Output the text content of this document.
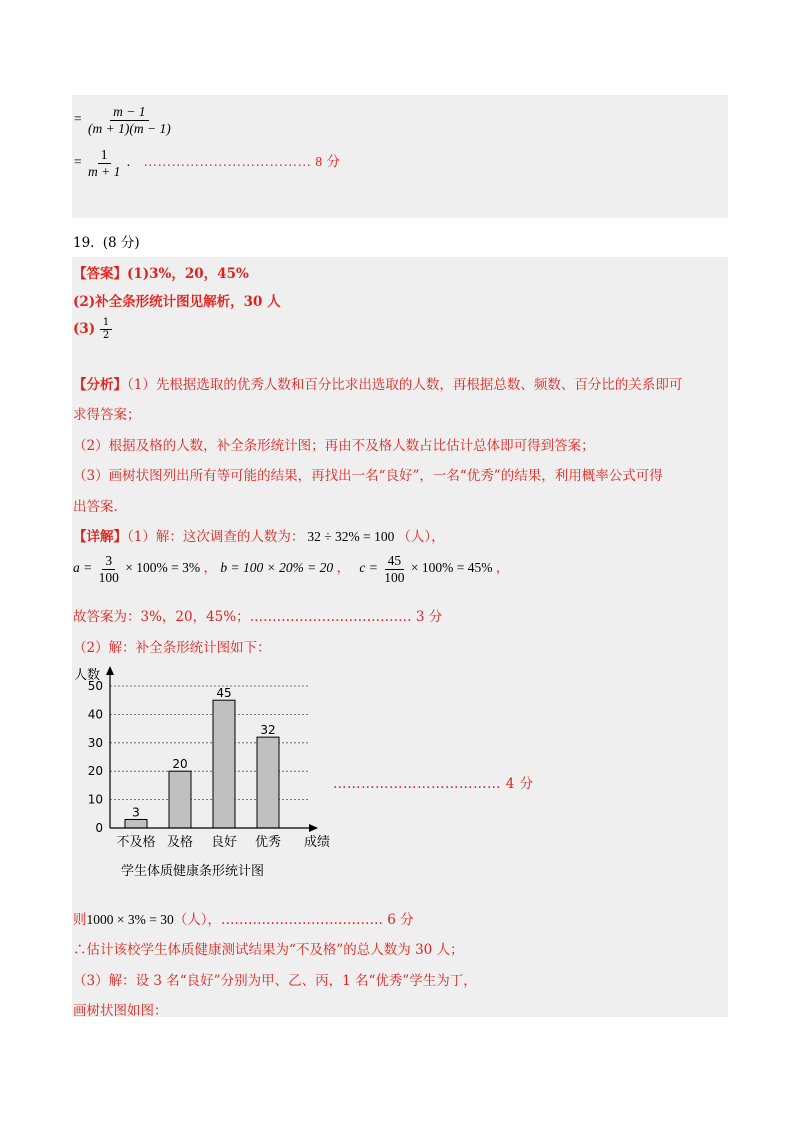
= $\frac{m - 1}{(m + 1)(m - 1)}$
= $\frac{1}{m + 1}$ . ……………………………… 8 分
19. (8 分)
【答案】(1)3%，20，45%
(2)补全条形统计图见解析，30 人
$(3) \frac{1}{2}$
【分析】（1）先根据选取的优秀人数和百分比求出选取的人数，再根据总数、频数、百分比的关系即可
求得答案；
（2）根据及格的人数，补全条形统计图；再由不及格人数占比估计总体即可得到答案；
（3）画树状图列出所有等可能的结果，再找出一名“良好”，一名“优秀”的结果，利用概率公式可得
出答案.
【详解】（1）解：这次调查的人数为： 32 ÷ 32% = 100 （人），
$a = \frac{3}{100} \times 100\% = 3\%$ ， b = 100 × 20% = 20 ， $c = \frac{45}{100} \times 100\% = 45\%$ ，
故答案为：3%，20，45%；……………………………… 3 分
（2）解：补全条形统计图如下：
人数
成绩
学生体质健康条形统计图
3
20
45
32
0
10
20
30
40
50
不及格 及格 良好 优秀
……………………………… 4 分
则1000 × 3% = 30（人），……………………………… 6 分
∴估计该校学生体质健康测试结果为“不及格”的总人数为 30 人；
（3）解：设 3 名“良好”分别为甲、乙、丙，1 名“优秀”学生为丁，
画树状图如图：
